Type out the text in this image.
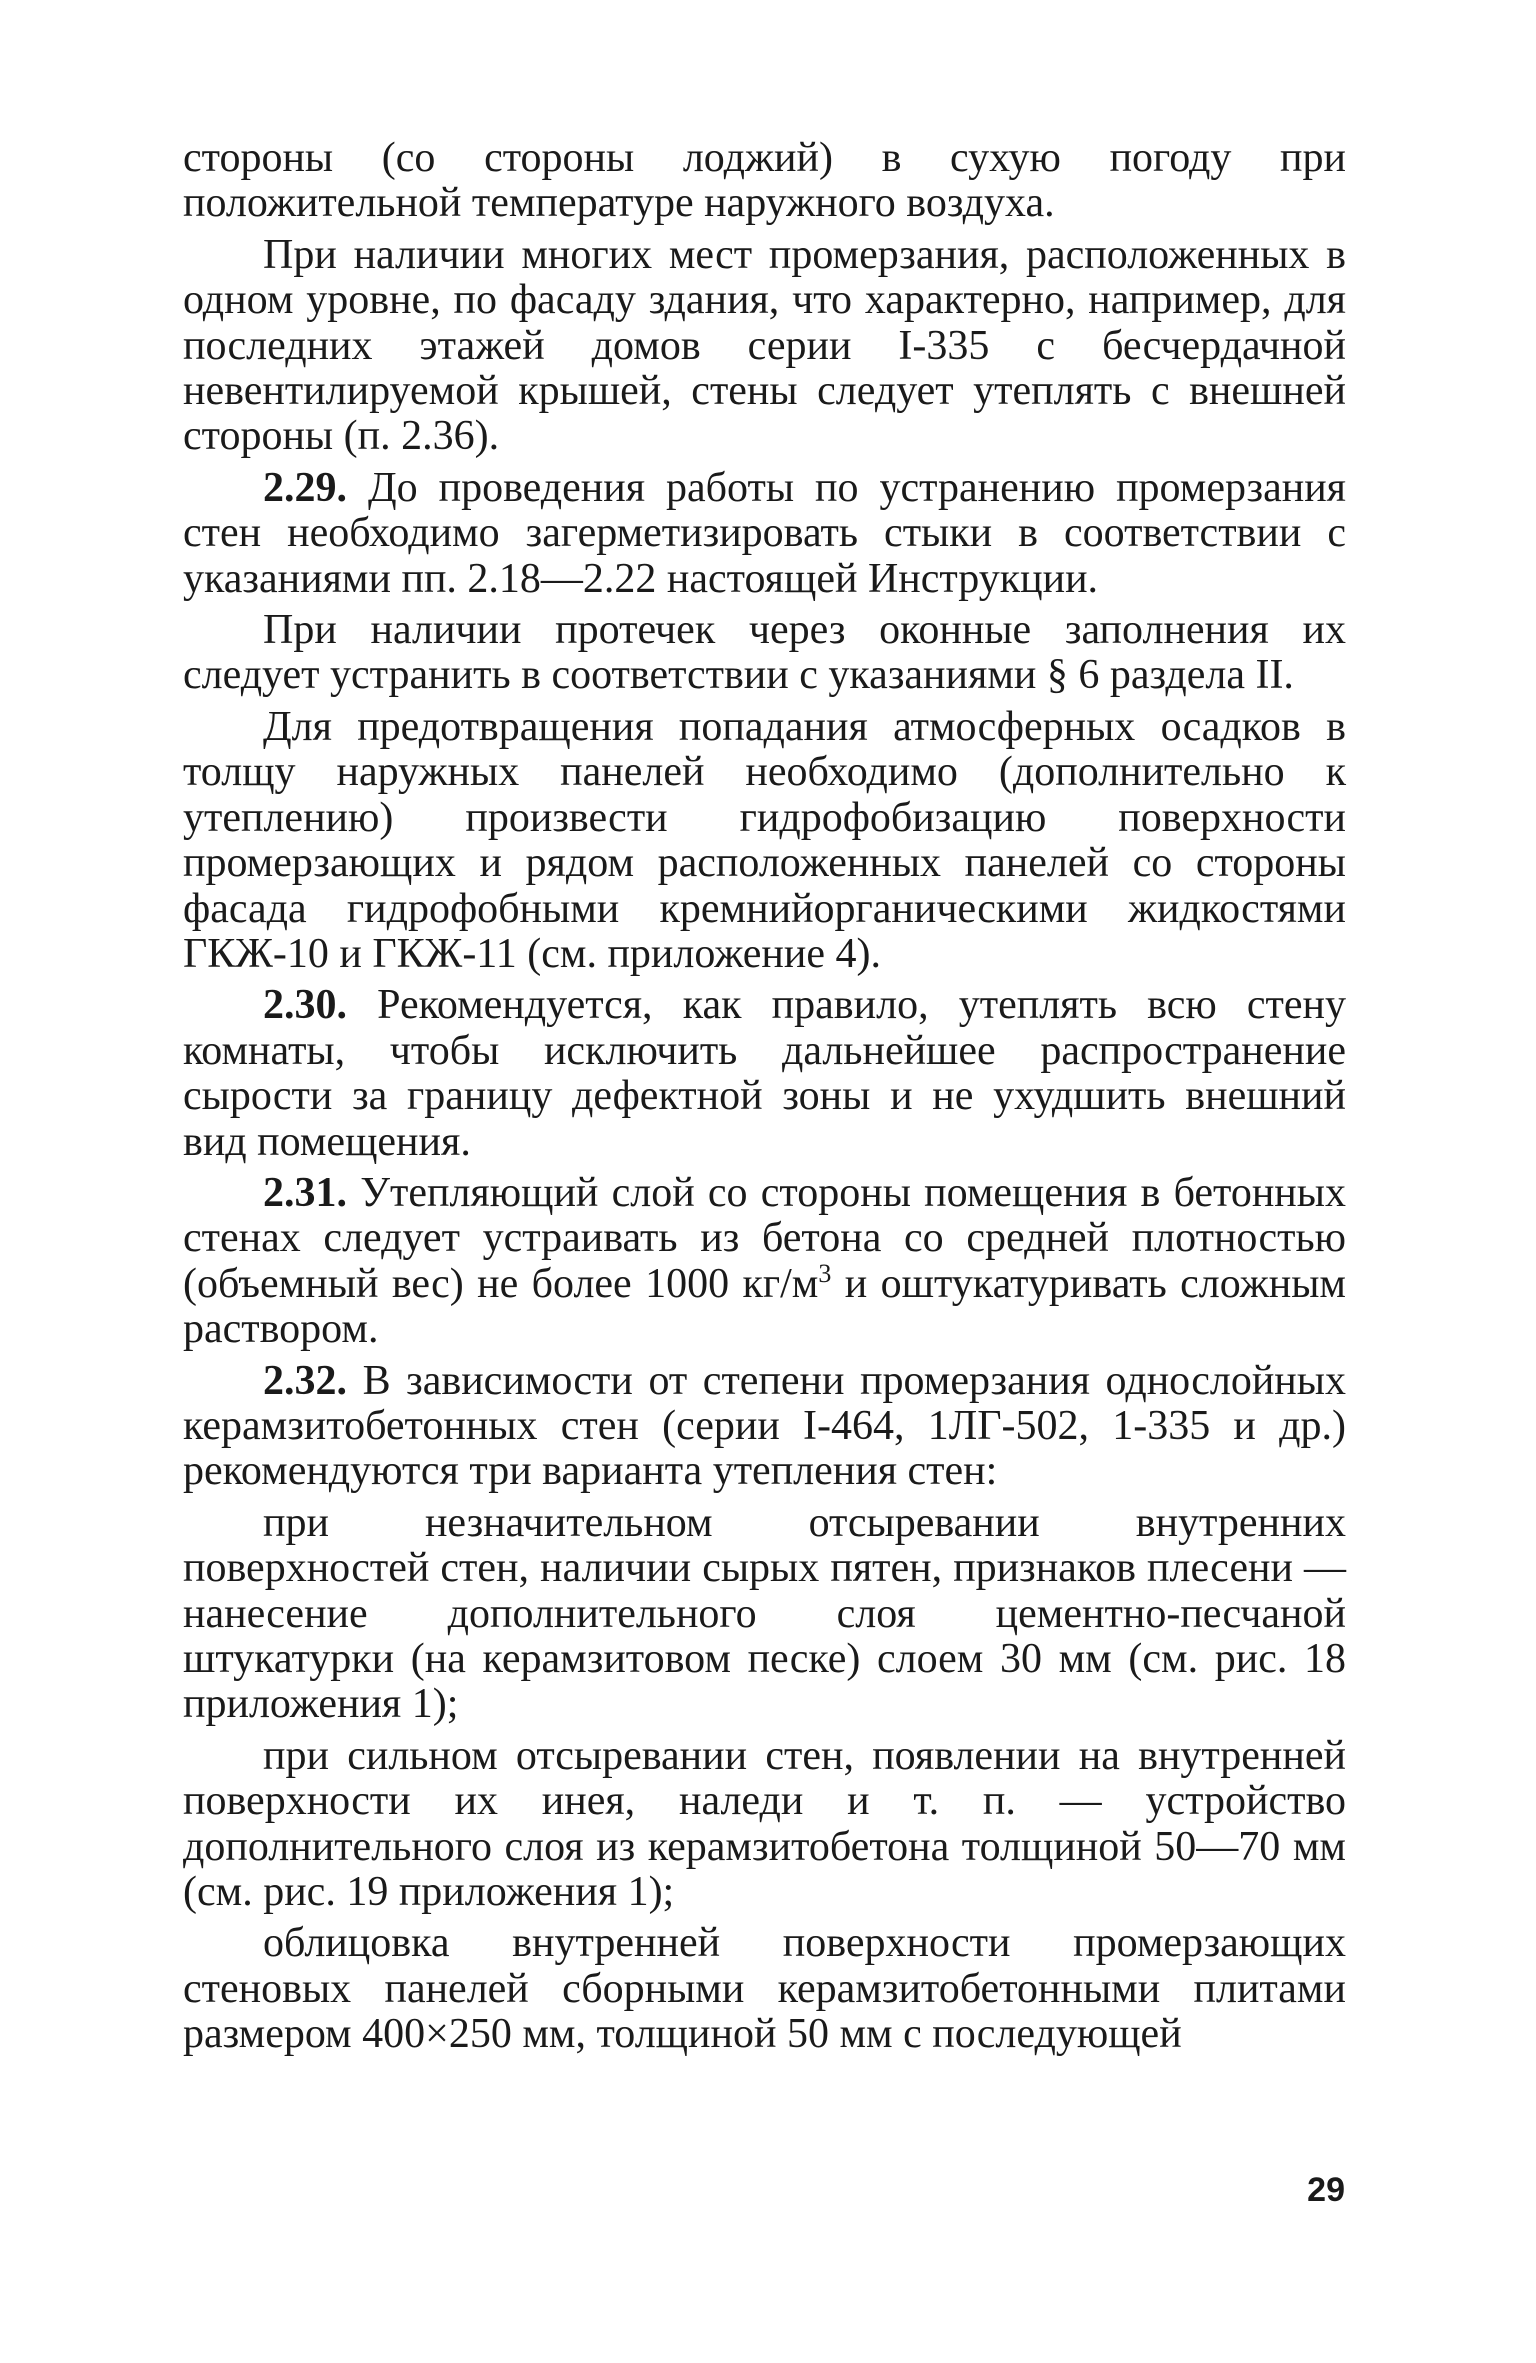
стороны (со стороны лоджий) в сухую погоду при положительной температуре наружного воздуха.

При наличии многих мест промерзания, расположенных в одном уровне, по фасаду здания, что характерно, например, для последних этажей домов серии I-335 с бесчердачной невентилируемой крышей, стены следует утеплять с внешней стороны (п. 2.36).

2.29. До проведения работы по устранению промерзания стен необходимо загерметизировать стыки в соответствии с указаниями пп. 2.18—2.22 настоящей Инструкции.

При наличии протечек через оконные заполнения их следует устранить в соответствии с указаниями § 6 раздела II.

Для предотвращения попадания атмосферных осадков в толщу наружных панелей необходимо (дополнительно к утеплению) произвести гидрофобизацию поверхности промерзающих и рядом расположенных панелей со стороны фасада гидрофобными кремнийорганическими жидкостями ГКЖ-10 и ГКЖ-11 (см. приложение 4).

2.30. Рекомендуется, как правило, утеплять всю стену комнаты, чтобы исключить дальнейшее распространение сырости за границу дефектной зоны и не ухудшить внешний вид помещения.

2.31. Утепляющий слой со стороны помещения в бетонных стенах следует устраивать из бетона со средней плотностью (объемный вес) не более 1000 $кг/м^3$ и оштукатуривать сложным раствором.

2.32. В зависимости от степени промерзания однослойных керамзитобетонных стен (серии I-464, 1ЛГ-502, 1-335 и др.) рекомендуются три варианта утепления стен:

при незначительном отсыревании внутренних поверхностей стен, наличии сырых пятен, признаков плесени — нанесение дополнительного слоя цементно-песчаной штукатурки (на керамзитовом песке) слоем 30 мм (см. рис. 18 приложения 1);

при сильном отсыревании стен, появлении на внутренней поверхности их инея, наледи и т. п. — устройство дополнительного слоя из керамзитобетона толщиной 50—70 мм (см. рис. 19 приложения 1);

облицовка внутренней поверхности промерзающих стеновых панелей сборными керамзитобетонными плитами размером 400×250 мм, толщиной 50 мм с последующей

29
